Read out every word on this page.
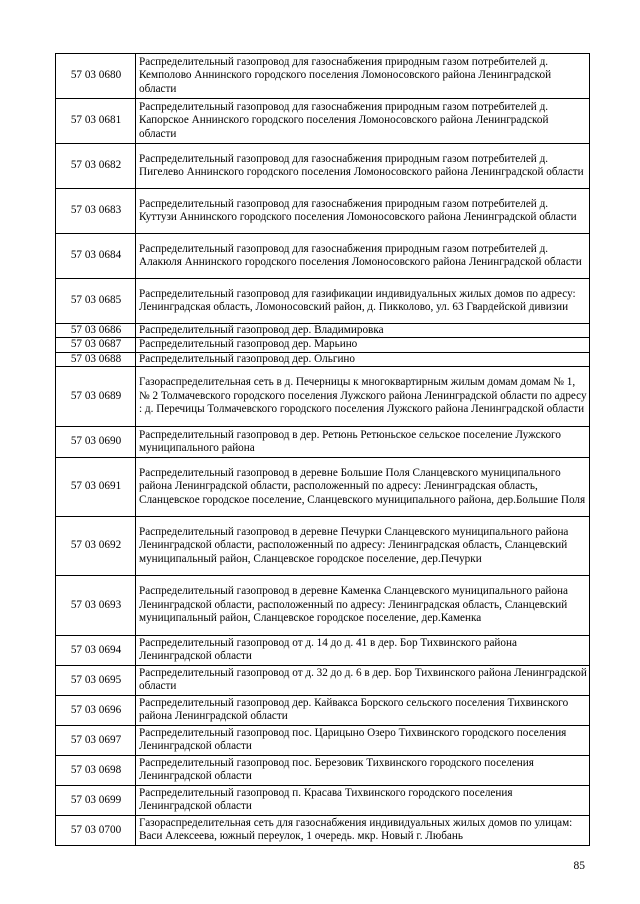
57 03 0680	Распределительный газопровод для газоснабжения природным газом потребителей д. Кемполово Аннинского городского поселения Ломоносовского района Ленинградской области
57 03 0681	Распределительный газопровод для газоснабжения природным газом потребителей д. Капорское Аннинского городского поселения Ломоносовского района Ленинградской области
57 03 0682	Распределительный газопровод для газоснабжения природным газом потребителей д. Пигелево Аннинского городского поселения Ломоносовского района Ленинградской области
57 03 0683	Распределительный газопровод для газоснабжения природным газом потребителей д. Куттузи Аннинского городского поселения Ломоносовского района Ленинградской области
57 03 0684	Распределительный газопровод для газоснабжения природным газом потребителей д. Алакюля Аннинского городского поселения Ломоносовского района Ленинградской области
57 03 0685	Распределительный газопровод для газификации индивидуальных жилых домов по адресу: Ленинградская область, Ломоносовский район, д. Пикколово, ул. 63 Гвардейской дивизии
57 03 0686	Распределительный газопровод дер. Владимировка
57 03 0687	Распределительный газопровод дер. Марьино
57 03 0688	Распределительный газопровод дер. Ольгино
57 03 0689	Газораспределительная сеть в д. Печерницы к многоквартирным жилым домам домам № 1, № 2 Толмачевского городского поселения Лужского района Ленинградской области по адресу : д. Перечицы Толмачевского городского поселения Лужского района Ленинградской области
57 03 0690	Распределительный газопровод в дер. Ретюнь Ретюньское сельское поселение Лужского муниципального района
57 03 0691	Распределительный газопровод в деревне Большие Поля Сланцевского муниципального района Ленинградской области, расположенный по адресу: Ленинградская область, Сланцевское городское поселение, Сланцевского муниципального района, дер.Большие Поля
57 03 0692	Распределительный газопровод в деревне Печурки Сланцевского муниципального района Ленинградской области, расположенный по адресу: Ленинградская область, Сланцевский муниципальный район, Сланцевское городское поселение, дер.Печурки
57 03 0693	Распределительный газопровод в деревне Каменка Сланцевского муниципального района Ленинградской области, расположенный по адресу: Ленинградская область, Сланцевский муниципальный район, Сланцевское городское поселение, дер.Каменка
57 03 0694	Распределительный газопровод от д. 14 до д. 41 в дер. Бор Тихвинского района Ленинградской области
57 03 0695	Распределительный газопровод от д. 32 до д. 6 в дер. Бор Тихвинского района Ленинградской области
57 03 0696	Распределительный газопровод дер. Кайвакса Борского сельского поселения Тихвинского района Ленинградской области
57 03 0697	Распределительный газопровод пос. Царицыно Озеро Тихвинского городского поселения Ленинградской области
57 03 0698	Распределительный газопровод пос. Березовик Тихвинского городского поселения Ленинградской области
57 03 0699	Распределительный газопровод п. Красава Тихвинского городского поселения Ленинградской области
57 03 0700	Газораспределительная сеть для газоснабжения индивидуальных жилых домов по улицам: Васи Алексеева, южный переулок, 1 очередь. мкр. Новый г. Любань
85
